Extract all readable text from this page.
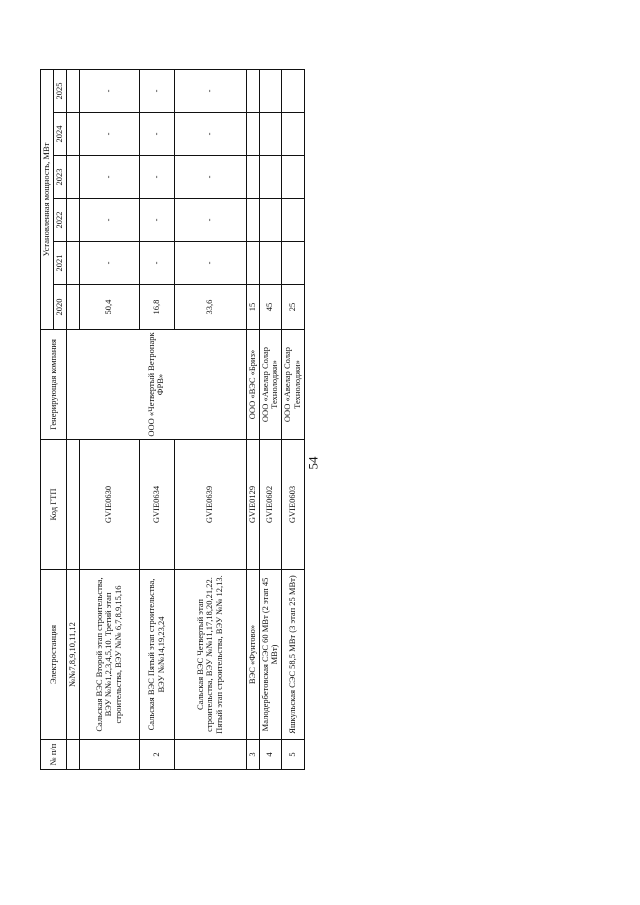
54
№ п/п	Электростанция	Код ГТП	Генерирующая компания	Установленная мощность, МВт					
				2020	2021	2022	2023	2024	2025
	№№7,8,9,10,11,12		ООО «Четвертый Ветропарк ФРВ»						
	Сальская ВЭС Второй этап строительства, ВЭУ №№1,2,3,4,5,10. Третий этап строительства, ВЭУ №№ 6,7,8,9,15,16	GVIE0630		50,4	-	-	-	-	-
2	Сальская ВЭС Пятый этап строительства, ВЭУ №№14,19,23,24	GVIE0634		16,8	-	-	-	-	-
	Сальская ВЭС Четвертый этап строительства, ВЭУ №№11,17,18,20,21,22. Пятый этап строительства, ВЭУ №№ 12,13.	GVIE0639		33,6	-	-	-	-	-
3	ВЭС «Фунтово»	GVIE0129	ООО «ВЭС «Бриз»	15					
4	Малодербетовская СЭС 60 МВт (2 этап 45 МВт)	GVIE0602	ООО «Авелар Солар Технолоджи»	45					
5	Яшкульская СЭС 58,5 МВт (3 этап 25 МВт)	GVIE0603	ООО «Авелар Солар Технолоджи»	25					
